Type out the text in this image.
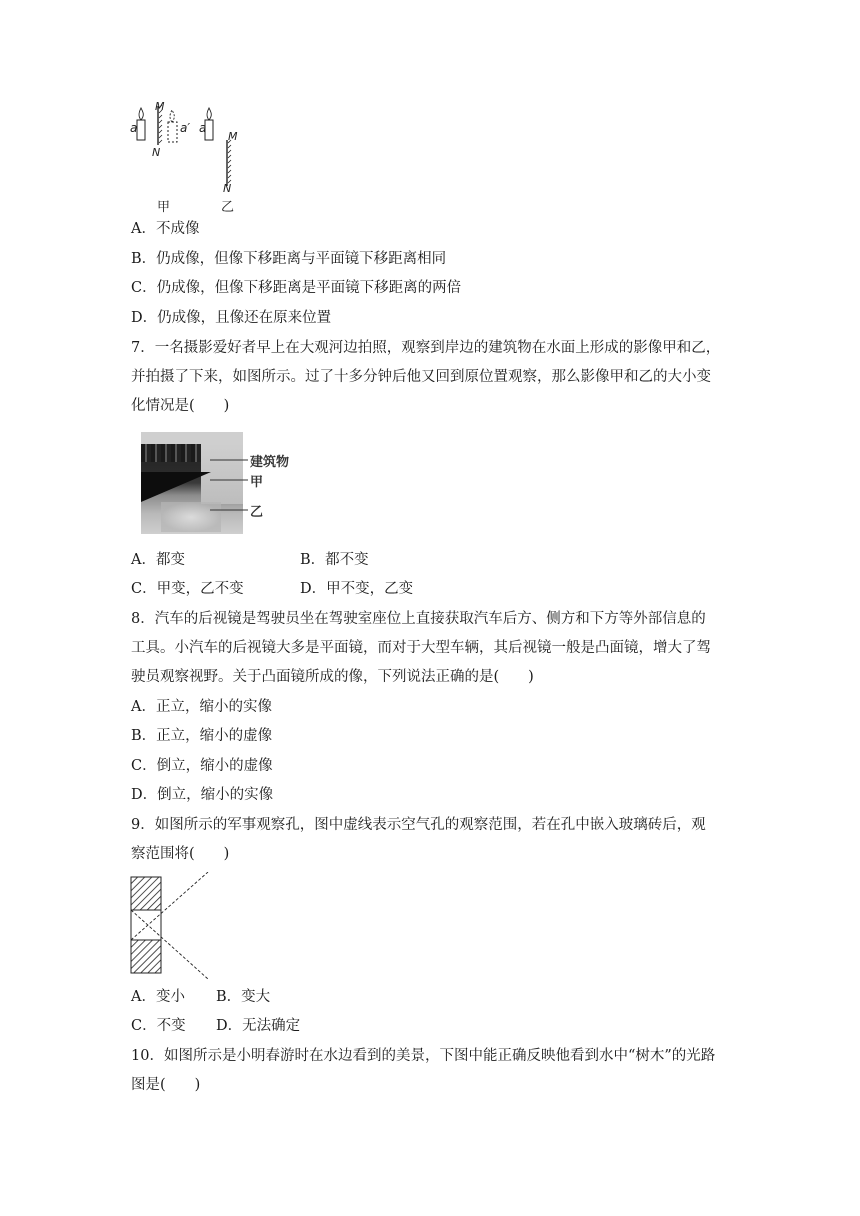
a
M
N
a′ a
M
N
甲	乙
A．不成像
B．仍成像，但像下移距离与平面镜下移距离相同
C．仍成像，但像下移距离是平面镜下移距离的两倍
D．仍成像，且像还在原来位置
7．一名摄影爱好者早上在大观河边拍照，观察到岸边的建筑物在水面上形成的影像甲和乙，
并拍摄了下来，如图所示。过了十多分钟后他又回到原位置观察，那么影像甲和乙的大小变
化情况是(　　)
建筑物
甲
乙
A．都变	B．都不变
C．甲变，乙不变	D．甲不变，乙变
8．汽车的后视镜是驾驶员坐在驾驶室座位上直接获取汽车后方、侧方和下方等外部信息的
工具。小汽车的后视镜大多是平面镜，而对于大型车辆，其后视镜一般是凸面镜，增大了驾
驶员观察视野。关于凸面镜所成的像，下列说法正确的是(　　)
A．正立，缩小的实像
B．正立，缩小的虚像
C．倒立，缩小的虚像
D．倒立，缩小的实像
9．如图所示的军事观察孔，图中虚线表示空气孔的观察范围，若在孔中嵌入玻璃砖后，观
察范围将(　　)
A．变小 B．变大
C．不变 D．无法确定
10．如图所示是小明春游时在水边看到的美景，下图中能正确反映他看到水中“树木”的光路
图是(　　)
